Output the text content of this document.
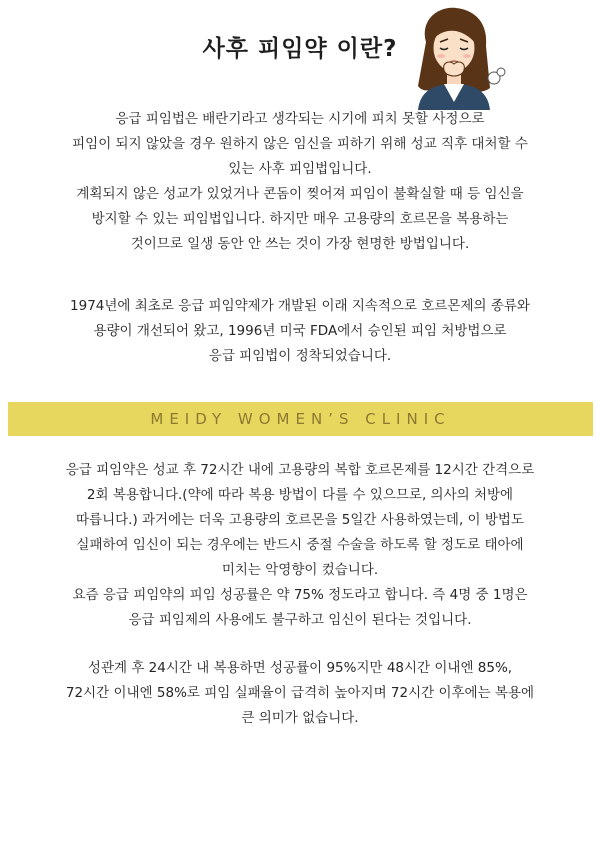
사후 피임약 이란?
응급 피임법은 배란기라고 생각되는 시기에 피치 못할 사정으로
피임이 되지 않았을 경우 원하지 않은 임신을 피하기 위해 성교 직후 대처할 수
있는 사후 피임법입니다.
계획되지 않은 성교가 있었거나 콘돔이 찢어져 피임이 불확실할 때 등 임신을
방지할 수 있는 피임법입니다. 하지만 매우 고용량의 호르몬을 복용하는
것이므로 일생 동안 안 쓰는 것이 가장 현명한 방법입니다.
1974년에 최초로 응급 피임약제가 개발된 이래 지속적으로 호르몬제의 종류와
용량이 개선되어 왔고, 1996년 미국 FDA에서 승인된 피임 처방법으로
응급 피임법이 정착되었습니다.
MEIDY WOMEN’S CLINIC
응급 피임약은 성교 후 72시간 내에 고용량의 복합 호르몬제를 12시간 간격으로
2회 복용합니다.(약에 따라 복용 방법이 다를 수 있으므로, 의사의 처방에
따릅니다.) 과거에는 더욱 고용량의 호르몬을 5일간 사용하였는데, 이 방법도
실패하여 임신이 되는 경우에는 반드시 중절 수술을 하도록 할 정도로 태아에
미치는 악영향이 컸습니다.
요즘 응급 피임약의 피임 성공률은 약 75% 정도라고 합니다. 즉 4명 중 1명은
응급 피임제의 사용에도 불구하고 임신이 된다는 것입니다.
성관계 후 24시간 내 복용하면 성공률이 95%지만 48시간 이내엔 85%,
72시간 이내엔 58%로 피임 실패율이 급격히 높아지며 72시간 이후에는 복용에
큰 의미가 없습니다.
